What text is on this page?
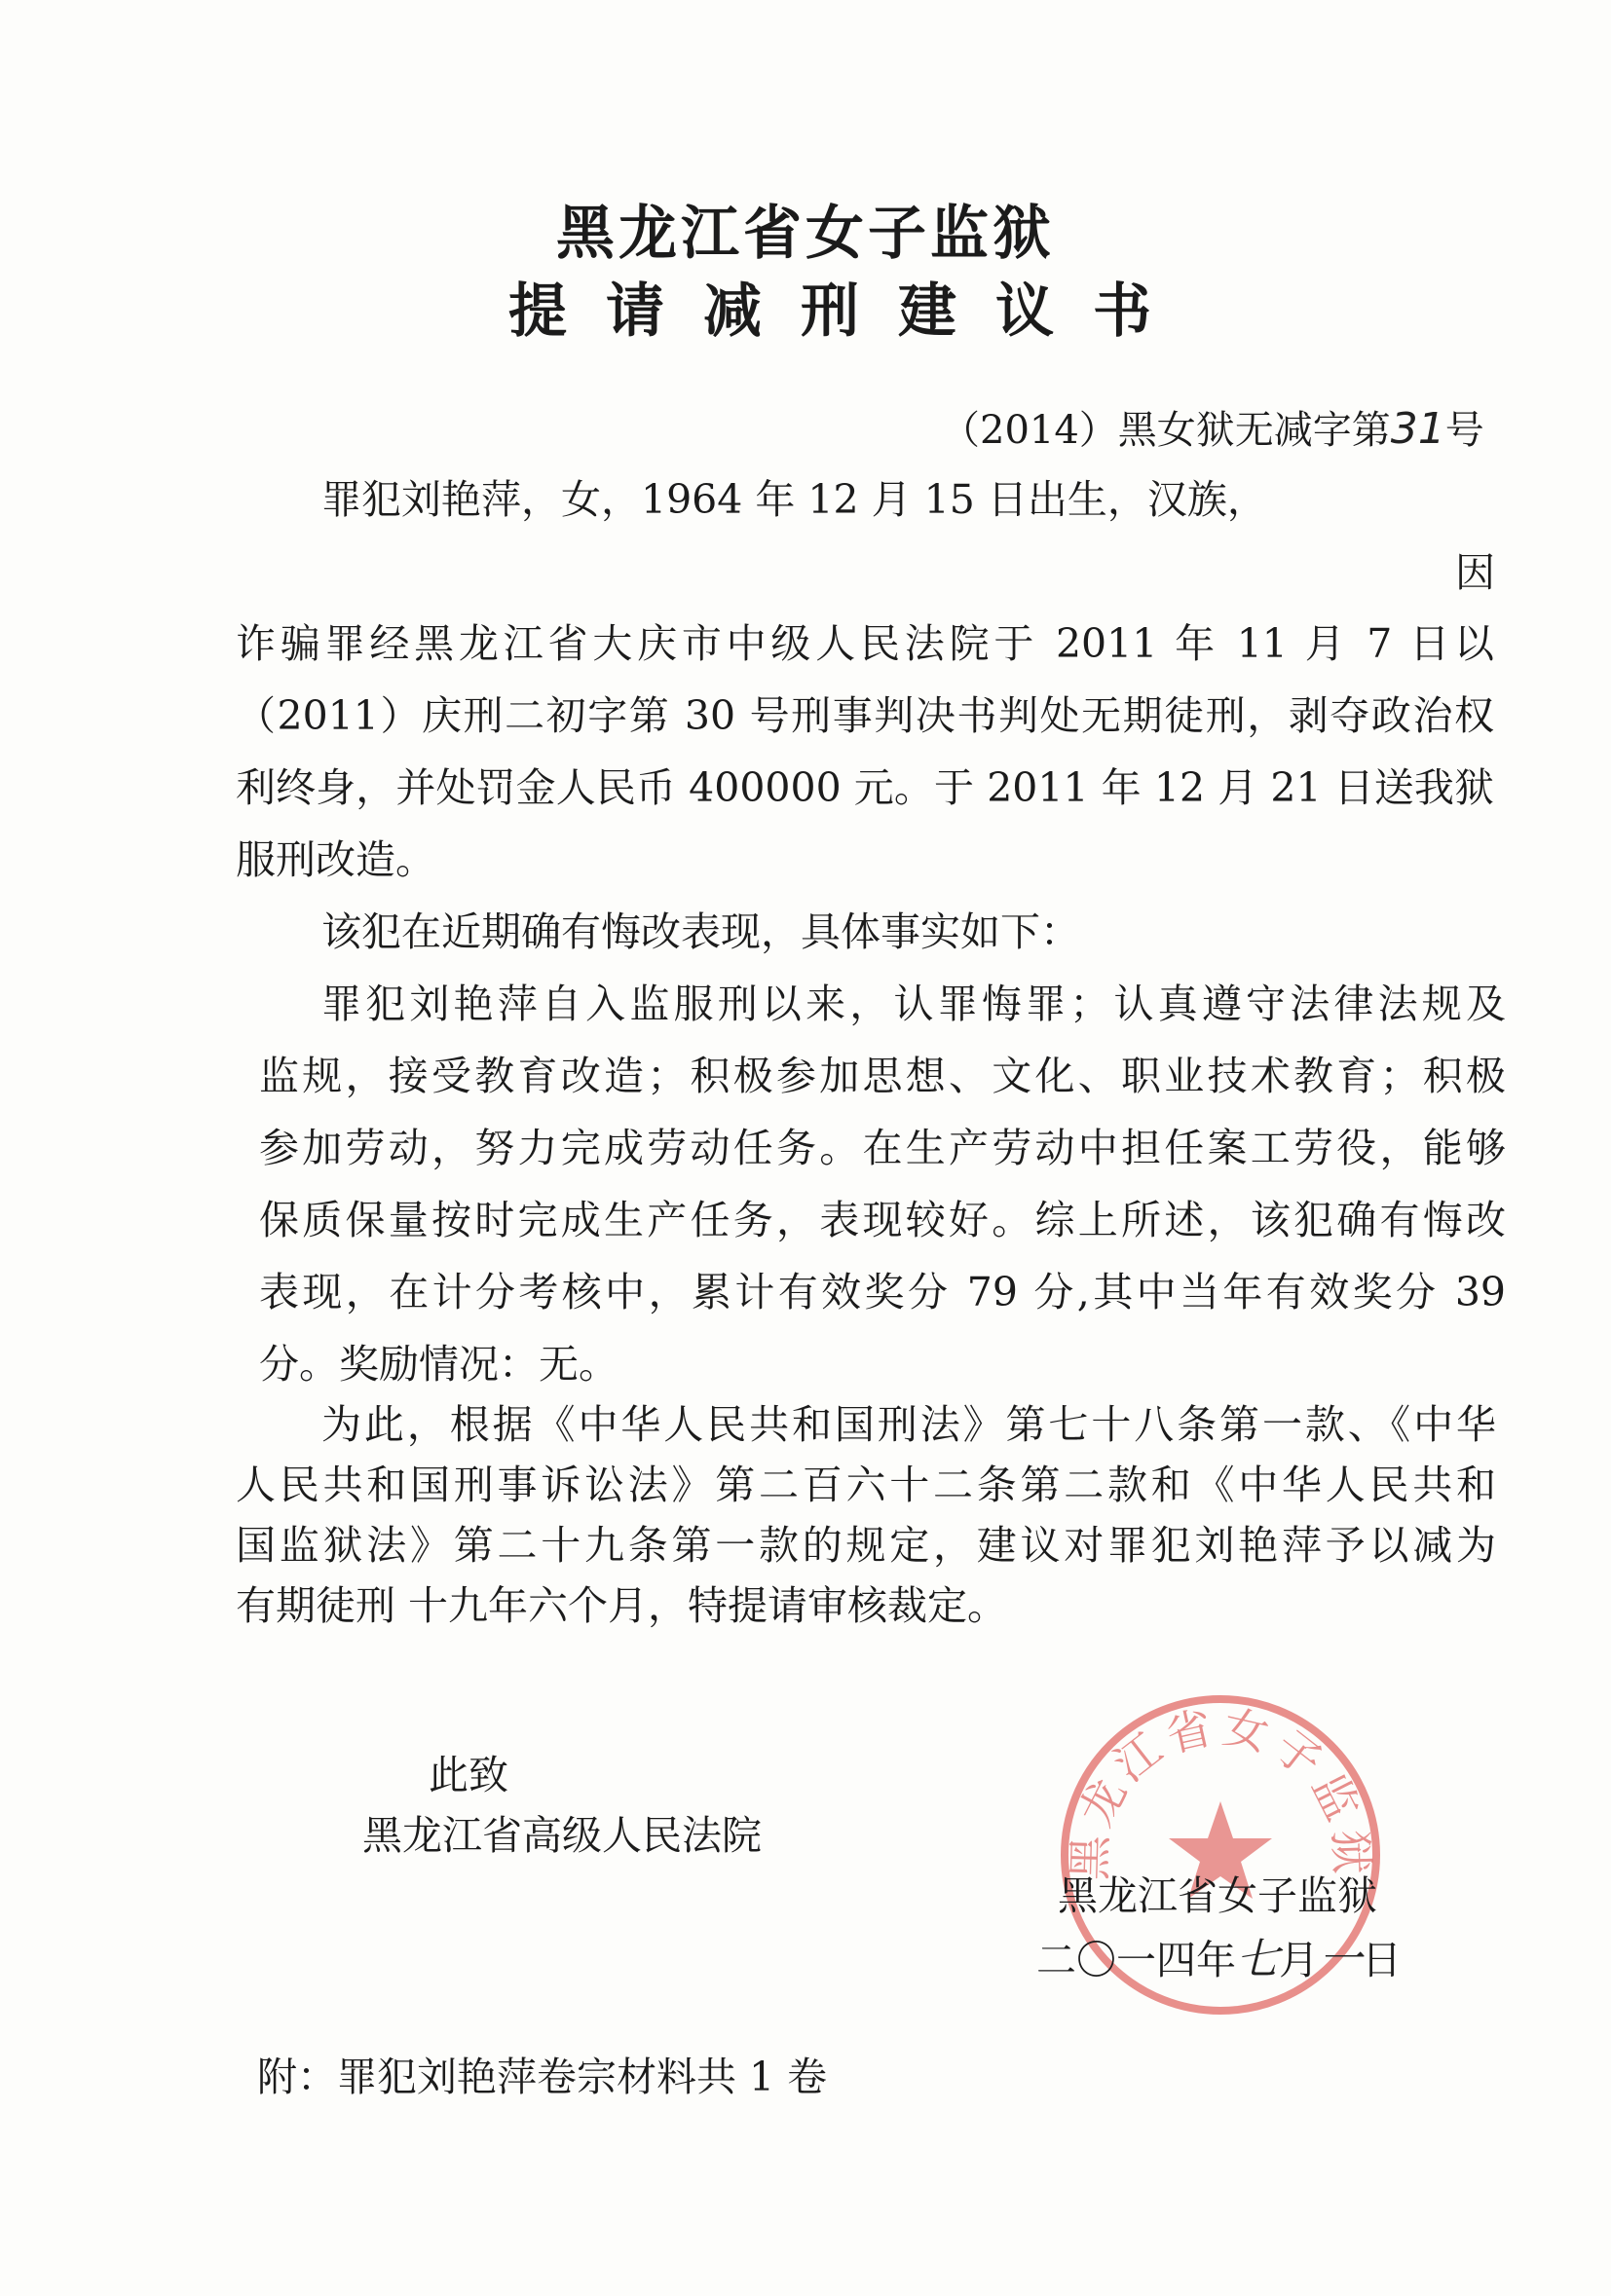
黑龙江省女子监狱
提请减刑建议书
（2014）黑女狱无减字第31号
罪犯刘艳萍，女，1964 年 12 月 15 日出生，汉族，
因
诈骗罪经黑龙江省大庆市中级人民法院于 2011 年 11 月 7 日以
（2011）庆刑二初字第 30 号刑事判决书判处无期徒刑，剥夺政治权
利终身，并处罚金人民币 400000 元。于 2011 年 12 月 21 日送我狱
服刑改造。
该犯在近期确有悔改表现，具体事实如下：
罪犯刘艳萍自入监服刑以来，认罪悔罪；认真遵守法律法规及
监规，接受教育改造；积极参加思想、文化、职业技术教育；积极
参加劳动，努力完成劳动任务。在生产劳动中担任案工劳役，能够
保质保量按时完成生产任务，表现较好。综上所述，该犯确有悔改
表现，在计分考核中，累计有效奖分 79 分,其中当年有效奖分 39
分。奖励情况：无。
为此，根据《中华人民共和国刑法》第七十八条第一款、《中华
人民共和国刑事诉讼法》第二百六十二条第二款和《中华人民共和
国监狱法》第二十九条第一款的规定，建议对罪犯刘艳萍予以减为
有期徒刑 十九年六个月，特提请审核裁定。
黑龙江省女子监狱
此致
黑龙江省高级人民法院
黑龙江省女子监狱
二〇一四年七月一日
附：罪犯刘艳萍卷宗材料共 1 卷
